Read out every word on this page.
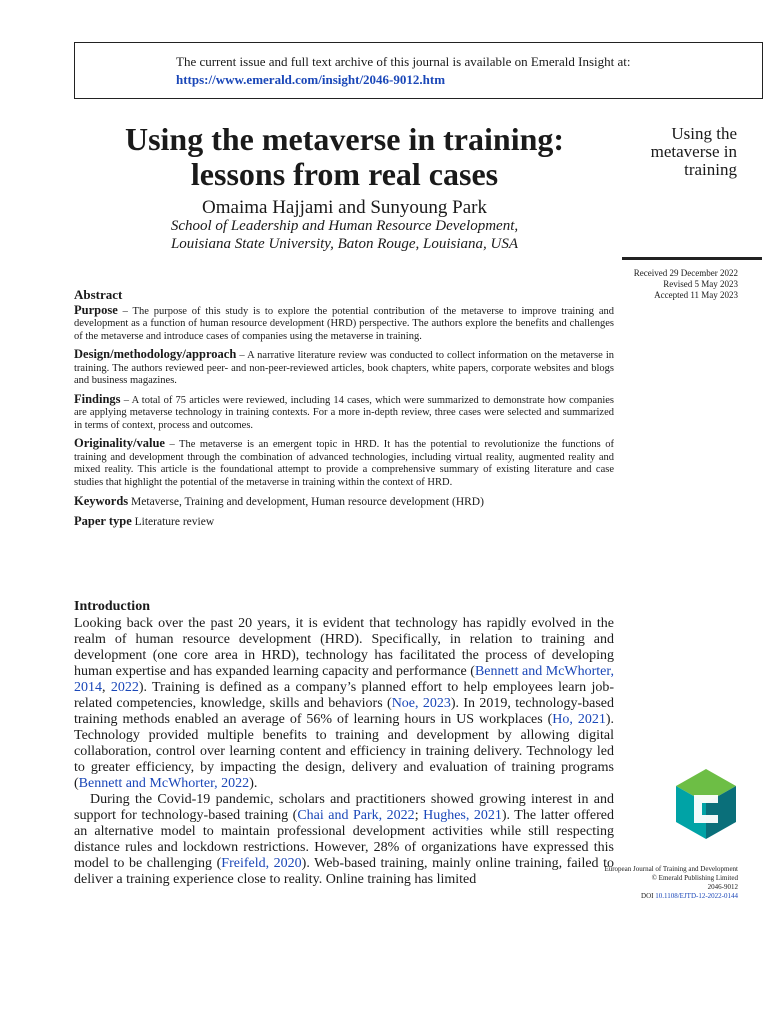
The current issue and full text archive of this journal is available on Emerald Insight at:
https://www.emerald.com/insight/2046-9012.htm
Using the metaverse in training:
lessons from real cases
Omaima Hajjami and Sunyoung Park
School of Leadership and Human Resource Development,
Louisiana State University, Baton Rouge, Louisiana, USA
Using the
metaverse in
training
Received 29 December 2022
Revised 5 May 2023
Accepted 11 May 2023
Abstract

Purpose – The purpose of this study is to explore the potential contribution of the metaverse to improve training and development as a function of human resource development (HRD) perspective. The authors explore the benefits and challenges of the metaverse and introduce cases of companies using the metaverse in training.

Design/methodology/approach – A narrative literature review was conducted to collect information on the metaverse in training. The authors reviewed peer- and non-peer-reviewed articles, book chapters, white papers, corporate websites and blogs and business magazines.

Findings – A total of 75 articles were reviewed, including 14 cases, which were summarized to demonstrate how companies are applying metaverse technology in training contexts. For a more in-depth review, three cases were selected and summarized in terms of context, process and outcomes.

Originality/value – The metaverse is an emergent topic in HRD. It has the potential to revolutionize the functions of training and development through the combination of advanced technologies, including virtual reality, augmented reality and mixed reality. This article is the foundational attempt to provide a comprehensive summary of existing literature and case studies that highlight the potential of the metaverse in training within the context of HRD.

Keywords Metaverse, Training and development, Human resource development (HRD)

Paper type Literature review

Introduction

Looking back over the past 20 years, it is evident that technology has rapidly evolved in the realm of human resource development (HRD). Specifically, in relation to training and development (one core area in HRD), technology has facilitated the process of developing human expertise and has expanded learning capacity and performance (Bennett and McWhorter, 2014, 2022). Training is defined as a company’s planned effort to help employees learn job-related competencies, knowledge, skills and behaviors (Noe, 2023). In 2019, technology-based training methods enabled an average of 56% of learning hours in US workplaces (Ho, 2021). Technology provided multiple benefits to training and development by allowing digital collaboration, control over learning content and efficiency in training delivery. Technology led to greater efficiency, by impacting the design, delivery and evaluation of training programs (Bennett and McWhorter, 2022).

During the Covid-19 pandemic, scholars and practitioners showed growing interest in and support for technology-based training (Chai and Park, 2022; Hughes, 2021). The latter offered an alternative model to maintain professional development activities while still respecting distance rules and lockdown restrictions. However, 28% of organizations have expressed this model to be challenging (Freifeld, 2020). Web-based training, mainly online training, failed to deliver a training experience close to reality. Online training has limited

European Journal of Training and Development
© Emerald Publishing Limited
2046-9012
DOI 10.1108/EJTD-12-2022-0144
